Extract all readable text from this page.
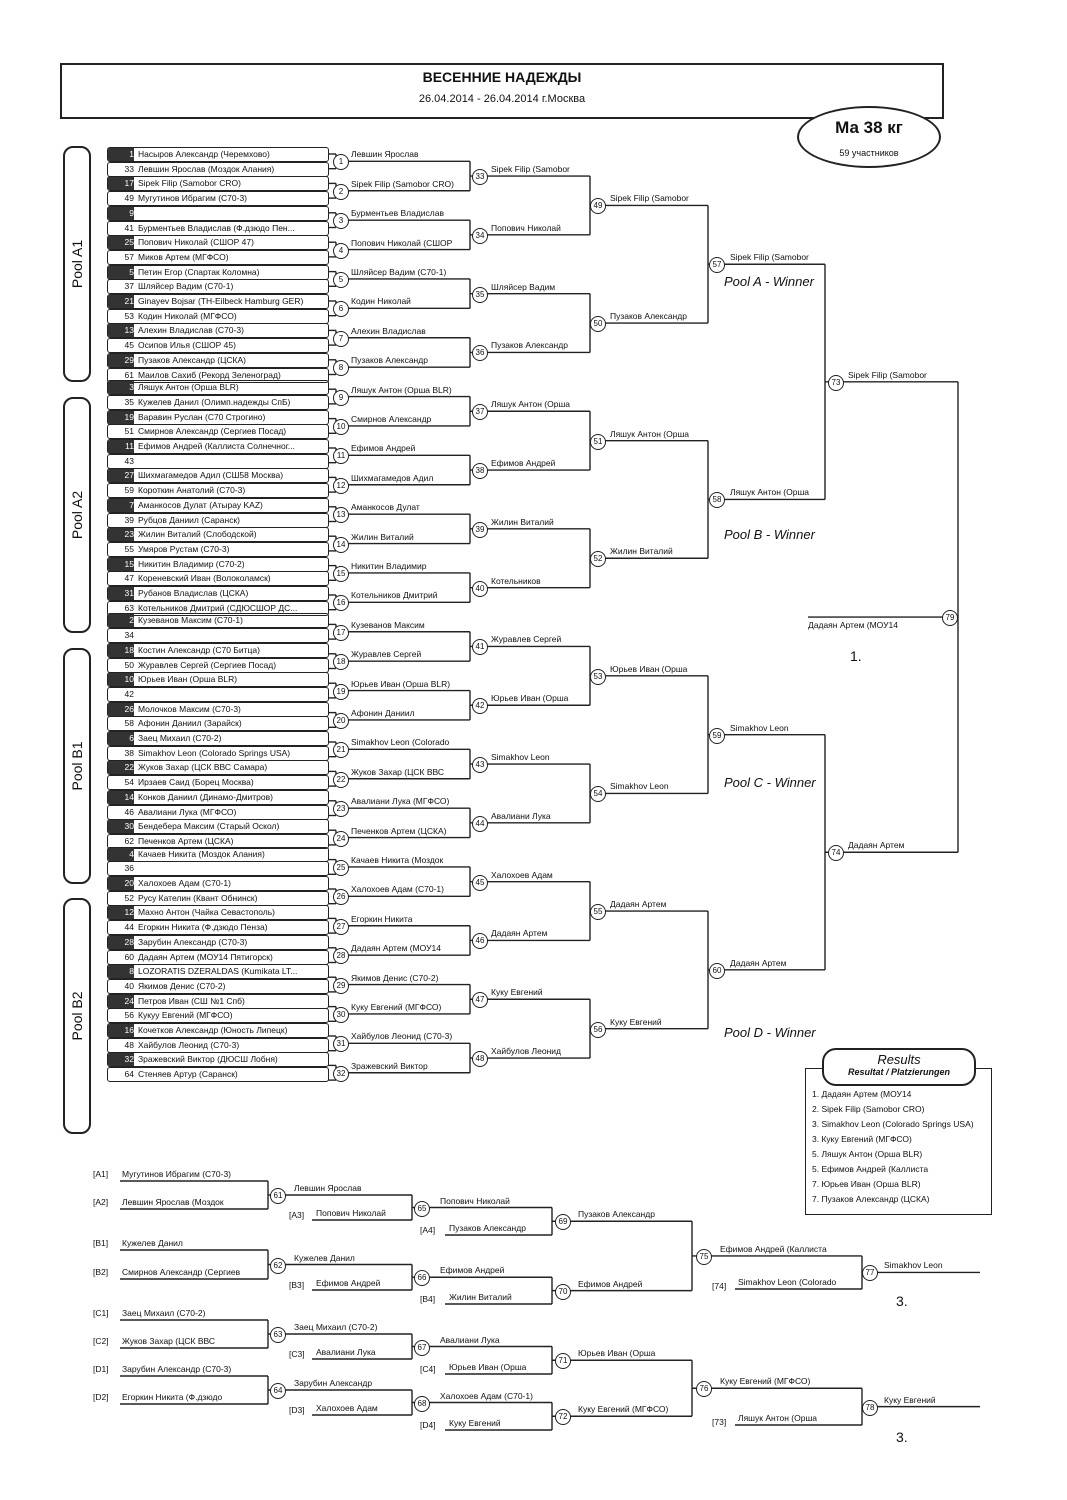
ВЕСЕННИЕ НАДЕЖДЫ
26.04.2014 - 26.04.2014 г.Москва
Ма 38 кг
59 участников
Pool A1
Pool A2
Pool B1
Pool B2
1 Насыров Александр (Черемхово)
33 Левшин Ярослав (Моздок Алания)
17 Sipek Filip (Samobor CRO)
49 Мугутинов Ибрагим (С70-3)
9
41 Бурментьев Владислав (Ф.дзюдо Пен...
25 Попович Николай (СШОР 47)
57 Миков Артем (МГФСО)
5 Петин Егор (Спартак Коломна)
37 Шляйсер Вадим (С70-1)
21 Ginayev Bojsar (TH-Eilbeck Hamburg GER)
53 Кодин Николай (МГФСО)
13 Алехин Владислав (С70-3)
45 Осипов Илья (СШОР 45)
29 Пузаков Александр (ЦСКА)
61 Маилов Сахиб (Рекорд Зеленоград)
3 Ляшук Антон (Орша BLR)
35 Кужелев Данил (Олимп.надежды СпБ)
19 Варавин Руслан (С70 Строгино)
51 Смирнов Александр (Сергиев Посад)
11 Ефимов Андрей (Каллиста Солнечног...
43
27 Шихмагамедов Адил (СШ58 Москва)
59 Короткин Анатолий (С70-3)
7 Аманкосов Дулат (Атырау KAZ)
39 Рубцов Даниил (Саранск)
23 Жилин Виталий (Слободской)
55 Умяров Рустам (С70-3)
15 Никитин Владимир (С70-2)
47 Кореневский Иван (Волоколамск)
31 Рубанов Владислав (ЦСКА)
63 Котельников Дмитрий (СДЮСШОР ДС...
2 Кузеванов Максим (С70-1)
34
18 Костин Александр (С70 Битца)
50 Журавлев Сергей (Сергиев Посад)
10 Юрьев Иван (Орша BLR)
42
26 Молочков Максим (С70-3)
58 Афонин Даниил (Зарайск)
6 Заец Михаил (С70-2)
38 Simakhov Leon (Colorado Springs USA)
22 Жуков Захар (ЦСК ВВС Самара)
54 Ирзаев Саид (Борец Москва)
14 Конков Даниил (Динамо-Дмитров)
46 Авалиани Лука (МГФСО)
30 Бендебера Максим (Старый Оскол)
62 Печенков Артем (ЦСКА)
4 Качаев Никита (Моздок Алания)
36
20 Халохоев Адам (С70-1)
52 Русу Кателин (Квант Обнинск)
12 Махно Антон (Чайка Севастополь)
44 Егоркин Никита (Ф.дзюдо Пенза)
28 Зарубин Александр (С70-3)
60 Дадаян Артем (МОУ14 Пятигорск)
8 LOZORATIS DZERALDAS (Kumikata LT...
40 Якимов Денис (С70-2)
24 Петров Иван (СШ №1 Спб)
56 Кукуу Евгений (МГФСО)
16 Кочетков Александр (Юность Липецк)
48 Хайбулов Леонид (С70-3)
32 Зражевский Виктор (ДЮСШ Лобня)
64 Стеняев Артур (Саранск)
Левшин Ярослав
1
Sipek Filip (Samobor CRO)
2
Бурментьев Владислав
3
Попович Николай (СШОР
4
Шляйсер Вадим (С70-1)
5
Кодин Николай
6
Алехин Владислав
7
Пузаков Александр
8
Ляшук Антон (Орша BLR)
9
Смирнов Александр
10
Ефимов Андрей
11
Шихмагамедов Адил
12
Аманкосов Дулат
13
Жилин Виталий
14
Никитин Владимир
15
Котельников Дмитрий
16
Кузеванов Максим
17
Журавлев Сергей
18
Юрьев Иван (Орша BLR)
19
Афонин Даниил
20
Simakhov Leon (Colorado
21
Жуков Захар (ЦСК ВВС
22
Авалиани Лука (МГФСО)
23
Печенков Артем (ЦСКА)
24
Качаев Никита (Моздок
25
Халохоев Адам (С70-1)
26
Егоркин Никита
27
Дадаян Артем (МОУ14
28
Якимов Денис (С70-2)
29
Куку Евгений (МГФСО)
30
Хайбулов Леонид (С70-3)
31
Зражевский Виктор
32
Sipek Filip (Samobor
33
Попович Николай
34
Шляйсер Вадим
35
Пузаков Александр
36
Ляшук Антон (Орша
37
Ефимов Андрей
38
Жилин Виталий
39
Котельников
40
Журавлев Сергей
41
Юрьев Иван (Орша
42
Simakhov Leon
43
Авалиани Лука
44
Халохоев Адам
45
Дадаян Артем
46
Куку Евгений
47
Хайбулов Леонид
48
Sipek Filip (Samobor
49
Пузаков Александр
50
Ляшук Антон (Орша
51
Жилин Виталий
52
Юрьев Иван (Орша
53
Simakhov Leon
54
Дадаян Артем
55
Куку Евгений
56
Sipek Filip (Samobor
57
Ляшук Антон (Орша
58
Simakhov Leon
59
Дадаян Артем
60
Sipek Filip (Samobor
73
Дадаян Артем
74
79
1. Дадаян Артем (МОУ14
2. Sipek Filip (Samobor CRO)
3. Simakhov Leon (Colorado Springs USA)
3. Куку Евгений (МГФСО)
5. Ляшук Антон (Орша BLR)
5. Ефимов Андрей (Каллиста
7. Юрьев Иван (Орша BLR)
7. Пузаков Александр (ЦСКА)
61
62
63
64
65
66
67
68
69
70
71
72
75
76
77
78
Pool A - Winner
Pool B - Winner
Pool C - Winner
Pool D - Winner
Дадаян Артем (МОУ14
1.
Results
Resultat / Platzierungen
[A1] Мугутинов Ибрагим (С70-3)
[A2] Левшин Ярослав (Моздок
[B1] Кужелев Данил
[B2] Смирнов Александр (Сергиев
[C1] Заец Михаил (С70-2)
[C2] Жуков Захар (ЦСК ВВС
[D1] Зарубин Александр (С70-3)
[D2] Егоркин Никита (Ф.дзюдо
Левшин Ярослав
Кужелев Данил
Заец Михаил (С70-2)
Зарубин Александр
[A3] Попович Николай
Попович Николай
[B3] Ефимов Андрей
Ефимов Андрей
[C3] Авалиани Лука
Авалиани Лука
[D3] Халохоев Адам
Халохоев Адам (С70-1)
[A4] Пузаков Александр
Пузаков Александр
[B4] Жилин Виталий
Ефимов Андрей
[C4] Юрьев Иван (Орша
Юрьев Иван (Орша
[D4] Куку Евгений
Куку Евгений (МГФСО)
Ефимов Андрей (Каллиста
Куку Евгений (МГФСО)
[74] Simakhov Leon (Colorado
Simakhov Leon
3.
[73] Ляшук Антон (Орша
Куку Евгений
3.
